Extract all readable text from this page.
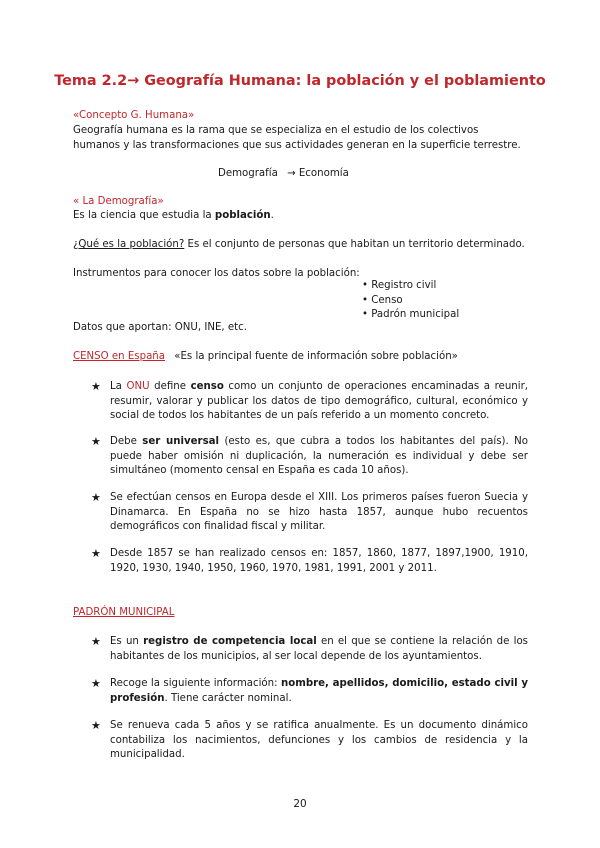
Tema 2.2→ Geografía Humana: la población y el poblamiento
«Concepto G. Humana»
Geografía humana es la rama que se especializa en el estudio de los colectivos humanos y las transformaciones que sus actividades generan en la superficie terrestre.
Demografía → Economía
« La Demografía»
Es la ciencia que estudia la población.
¿Qué es la población? Es el conjunto de personas que habitan un territorio determinado.
Instrumentos para conocer los datos sobre la población:
• Registro civil
• Censo
• Padrón municipal
Datos que aportan: ONU, INE, etc.
CENSO en España «Es la principal fuente de información sobre población»
★ La ONU define censo como un conjunto de operaciones encaminadas a reunir, resumir, valorar y publicar los datos de tipo demográfico, cultural, económico y social de todos los habitantes de un país referido a un momento concreto.
★ Debe ser universal (esto es, que cubra a todos los habitantes del país). No puede haber omisión ni duplicación, la numeración es individual y debe ser simultáneo (momento censal en España es cada 10 años).
★ Se efectúan censos en Europa desde el XIII. Los primeros países fueron Suecia y Dinamarca. En España no se hizo hasta 1857, aunque hubo recuentos demográficos con finalidad fiscal y militar.
★ Desde 1857 se han realizado censos en: 1857, 1860, 1877, 1897,1900, 1910, 1920, 1930, 1940, 1950, 1960, 1970, 1981, 1991, 2001 y 2011.
PADRÓN MUNICIPAL
★ Es un registro de competencia local en el que se contiene la relación de los habitantes de los municipios, al ser local depende de los ayuntamientos.
★ Recoge la siguiente información: nombre, apellidos, domicilio, estado civil y profesión. Tiene carácter nominal.
★ Se renueva cada 5 años y se ratifica anualmente. Es un documento dinámico contabiliza los nacimientos, defunciones y los cambios de residencia y la municipalidad.
20
